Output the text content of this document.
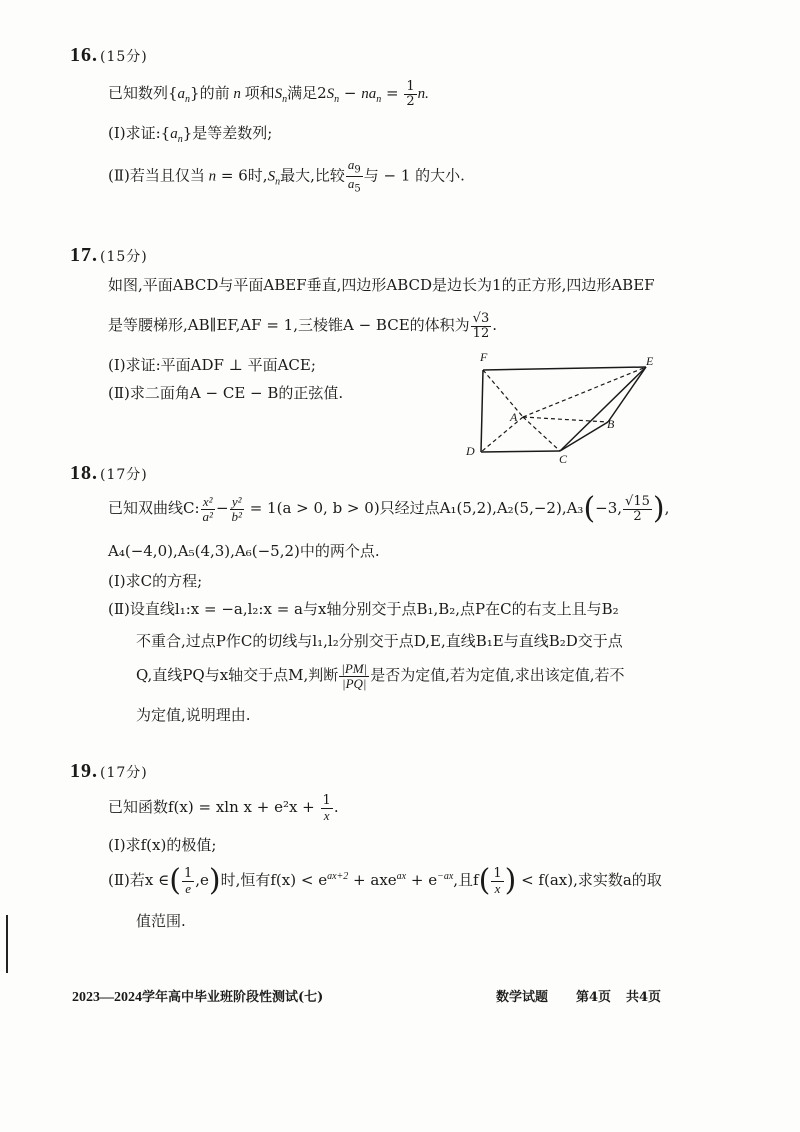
16. (15分)
已知数列$\{a_n\}$的前 n 项和$S_n$满足$2S_n - na_n = \frac{1}{2} n$.
(Ⅰ)求证$:\{a_n\}$是等差数列;
(Ⅱ)若当且仅当 n = 6时$,S_n$最大,比较 $\frac{a_9}{a_5}$ 与 − 1 的大小.
17. (15分)
如图,平面ABCD与平面ABEF垂直,四边形ABCD是边长为1的正方形,四边形ABEF
是等腰梯形,AB∥EF,AF = 1,三棱锥A − BCE的体积为 $\frac{√3}{12}$ .
(Ⅰ)求证:平面ADF ⊥ 平面ACE;
(Ⅱ)求二面角A − CE − B的正弦值.
F	E
A	B
D
C
18. (17分)
已知双曲线C: $\frac{\text{x²}}{\text{a²}} - \frac{\text{y²}}{\text{b²}} = 1(a > 0$, b > 0)只经过点A₁(5,2),A₂(5,−2),A₃(−3, $\frac{√15}{2}$ ),
A₄(−4,0),A₅(4,3),A₆(−5,2)中的两个点.
(Ⅰ)求C的方程;
(Ⅱ)设直线l₁:x = −a,l₂:x = a与x轴分别交于点B₁,B₂,点P在C的右支上且与B₂
不重合,过点P作C的切线与l₁,l₂分别交于点D,E,直线B₁E与直线B₂D交于点
Q,直线PQ与x轴交于点M,判断 $\frac{|PM|}{|PQ|}$ 是否为定值,若为定值,求出该定值,若不
为定值,说明理由.
19. (17分)
已知函数f(x) = xln $x + e^2x + \frac{1}{x}$ .
(Ⅰ)求f(x)的极值;
(Ⅱ)若x ∈( $\frac{1}{e} ,e$)时,恒有$f(x) < e^{ax+2} + axe^{ax} + e^{-ax}$,且$f( \frac{1}{x}$ ) < f(ax),求实数a的取
值范围.
2023—2024学年高中毕业班阶段性测试(七)	数学试题 第4页 共4页
